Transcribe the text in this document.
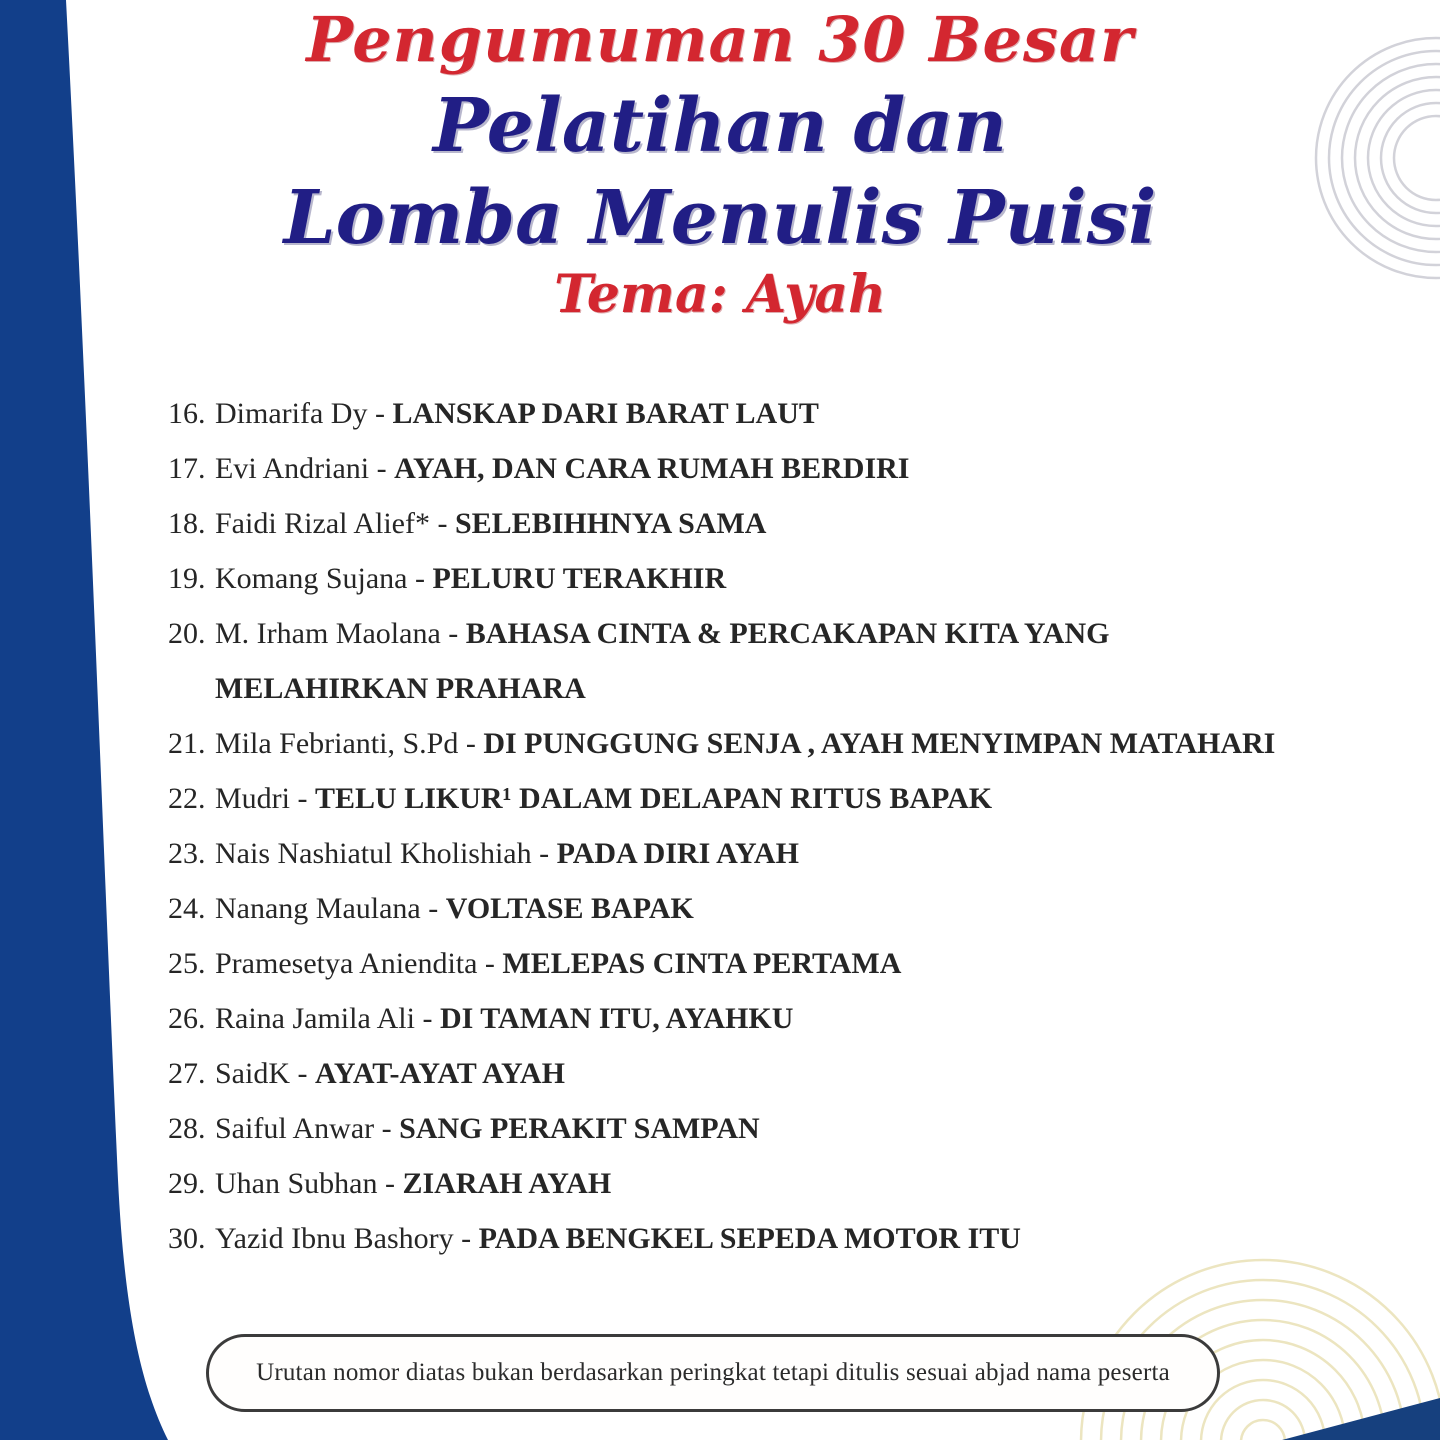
Pengumuman 30 Besar
Pelatihan dan
Lomba Menulis Puisi
Tema: Ayah
16. Dimarifa Dy - LANSKAP DARI BARAT LAUT
17. Evi Andriani - AYAH, DAN CARA RUMAH BERDIRI
18. Faidi Rizal Alief* - SELEBIHHNYA SAMA
19. Komang Sujana - PELURU TERAKHIR
20. M. Irham Maolana - BAHASA CINTA & PERCAKAPAN KITA YANG MELAHIRKAN PRAHARA
21. Mila Febrianti, S.Pd - DI PUNGGUNG SENJA , AYAH MENYIMPAN MATAHARI
22. Mudri - TELU LIKUR¹ DALAM DELAPAN RITUS BAPAK
23. Nais Nashiatul Kholishiah - PADA DIRI AYAH
24. Nanang Maulana - VOLTASE BAPAK
25. Pramesetya Aniendita - MELEPAS CINTA PERTAMA
26. Raina Jamila Ali - DI TAMAN ITU, AYAHKU
27. SaidK - AYAT-AYAT AYAH
28. Saiful Anwar - SANG PERAKIT SAMPAN
29. Uhan Subhan - ZIARAH AYAH
30. Yazid Ibnu Bashory - PADA BENGKEL SEPEDA MOTOR ITU
Urutan nomor diatas bukan berdasarkan peringkat tetapi ditulis sesuai abjad nama peserta
